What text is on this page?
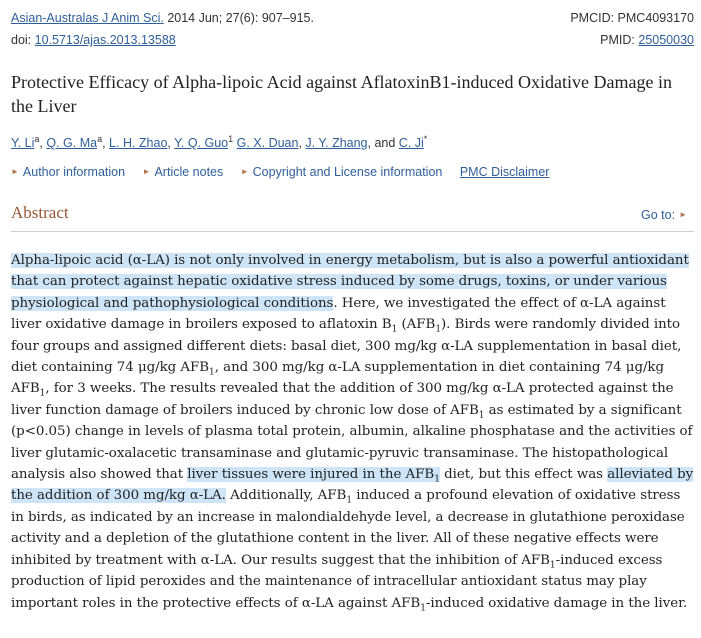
Asian-Australas J Anim Sci. 2014 Jun; 27(6): 907–915.	PMCID: PMC4093170
doi: 10.5713/ajas.2013.13588	PMID: 25050030
Protective Efficacy of Alpha-lipoic Acid against AflatoxinB1-induced Oxidative Damage in the Liver
Y. Li$^a$, Q. G. Ma$^a$, L. H. Zhao, Y. Q. Guo$^1$ G. X. Duan, J. Y. Zhang, and C. Ji*
► Author information ► Article notes ► Copyright and License information PMC Disclaimer
Abstract	Go to: ►
Alpha-lipoic acid (α-LA) is not only involved in energy metabolism, but is also a powerful antioxidant that can protect against hepatic oxidative stress induced by some drugs, toxins, or under various physiological and pathophysiological conditions. Here, we investigated the effect of α-LA against liver oxidative damage in broilers exposed to aflatoxin $B_1$ $(AFB_1)$. Birds were randomly divided into four groups and assigned different diets: basal diet, 300 mg/kg α-LA supplementation in basal diet, diet containing 74 μg/kg $AFB_1$, and 300 mg/kg α-LA supplementation in diet containing 74 μg/kg $AFB_1$, for 3 weeks. The results revealed that the addition of 300 mg/kg α-LA protected against the liver function damage of broilers induced by chronic low dose of $AFB_1$ as estimated by a significant (p<0.05) change in levels of plasma total protein, albumin, alkaline phosphatase and the activities of liver glutamic-oxalacetic transaminase and glutamic-pyruvic transaminase. The histopathological analysis also showed that liver tissues were injured in the $AFB_1$ diet, but this effect was alleviated by the addition of 300 mg/kg α-LA. Additionally, $AFB_1$ induced a profound elevation of oxidative stress in birds, as indicated by an increase in malondialdehyde level, a decrease in glutathione peroxidase activity and a depletion of the glutathione content in the liver. All of these negative effects were inhibited by treatment with α-LA. Our results suggest that the inhibition of $AFB_1$-induced excess production of lipid peroxides and the maintenance of intracellular antioxidant status may play important roles in the protective effects of α-LA against $AFB_1$-induced oxidative damage in the liver.
